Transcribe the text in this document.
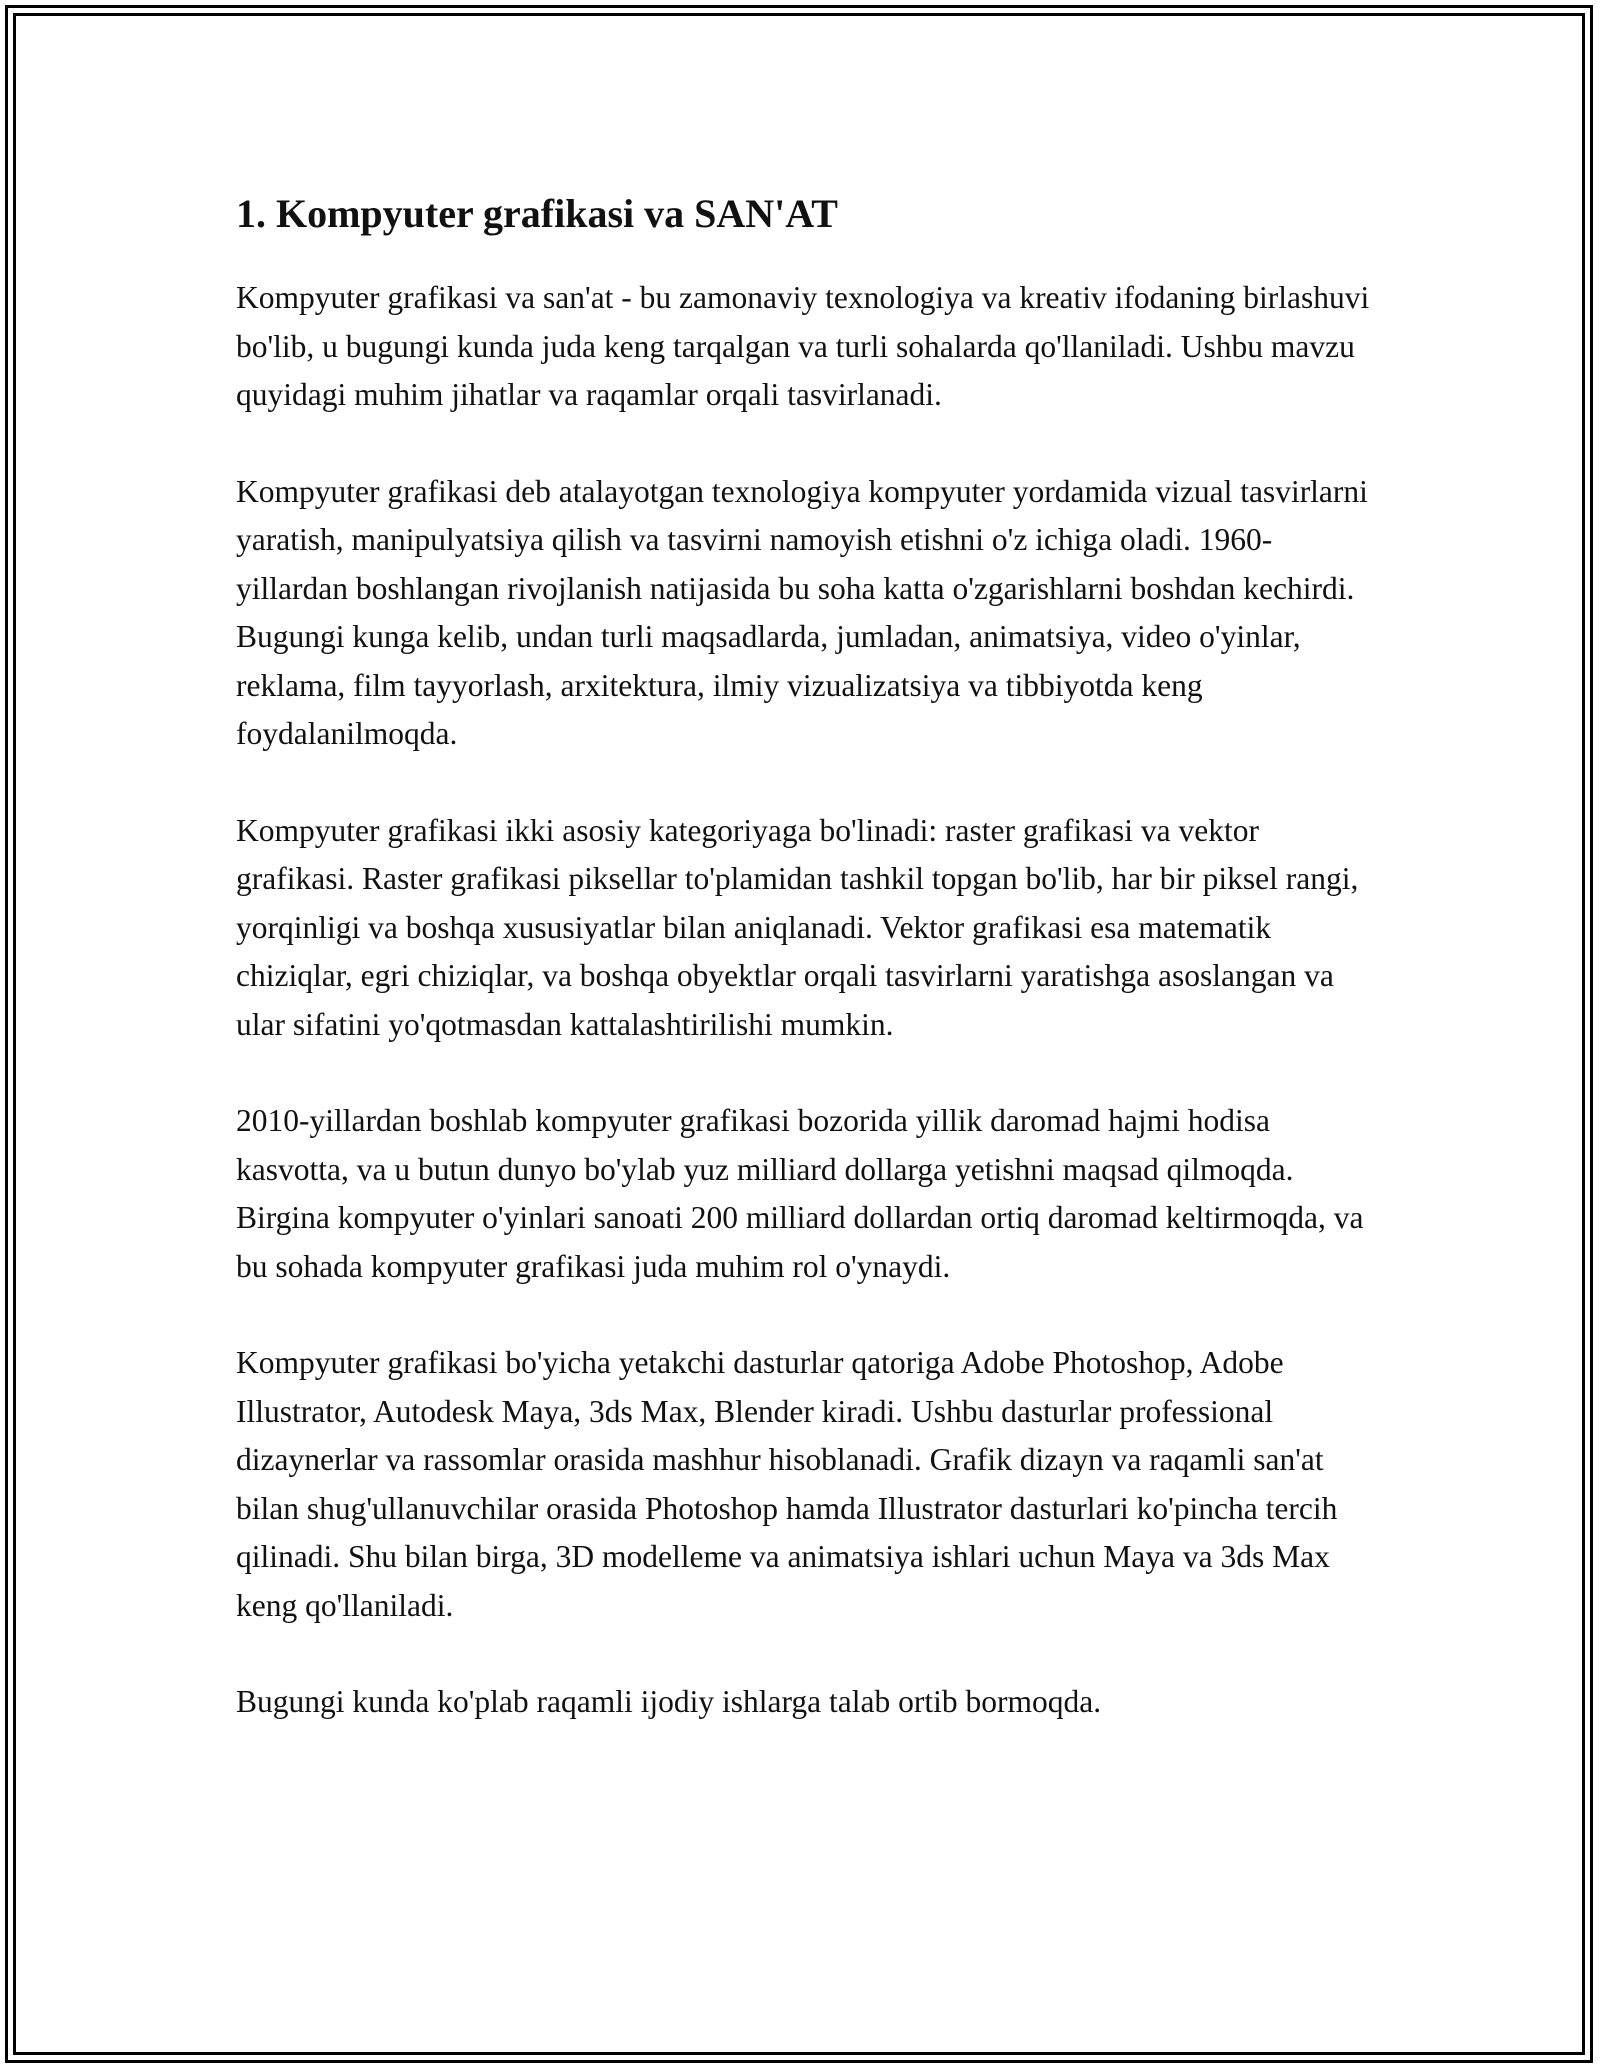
1. Kompyuter grafikasi va SAN'AT

Kompyuter grafikasi va san'at - bu zamonaviy texnologiya va kreativ ifodaning birlashuvi bo'lib, u bugungi kunda juda keng tarqalgan va turli sohalarda qo'llaniladi. Ushbu mavzu quyidagi muhim jihatlar va raqamlar orqali tasvirlanadi.

Kompyuter grafikasi deb atalayotgan texnologiya kompyuter yordamida vizual tasvirlarni yaratish, manipulyatsiya qilish va tasvirni namoyish etishni o'z ichiga oladi. 1960-yillardan boshlangan rivojlanish natijasida bu soha katta o'zgarishlarni boshdan kechirdi. Bugungi kunga kelib, undan turli maqsadlarda, jumladan, animatsiya, video o'yinlar, reklama, film tayyorlash, arxitektura, ilmiy vizualizatsiya va tibbiyotda keng foydalanilmoqda.

Kompyuter grafikasi ikki asosiy kategoriyaga bo'linadi: raster grafikasi va vektor grafikasi. Raster grafikasi piksellar to'plamidan tashkil topgan bo'lib, har bir piksel rangi, yorqinligi va boshqa xususiyatlar bilan aniqlanadi. Vektor grafikasi esa matematik chiziqlar, egri chiziqlar, va boshqa obyektlar orqali tasvirlarni yaratishga asoslangan va ular sifatini yo'qotmasdan kattalashtirilishi mumkin.

2010-yillardan boshlab kompyuter grafikasi bozorida yillik daromad hajmi hodisa kasvotta, va u butun dunyo bo'ylab yuz milliard dollarga yetishni maqsad qilmoqda. Birgina kompyuter o'yinlari sanoati 200 milliard dollardan ortiq daromad keltirmoqda, va bu sohada kompyuter grafikasi juda muhim rol o'ynaydi.

Kompyuter grafikasi bo'yicha yetakchi dasturlar qatoriga Adobe Photoshop, Adobe Illustrator, Autodesk Maya, 3ds Max, Blender kiradi. Ushbu dasturlar professional dizaynerlar va rassomlar orasida mashhur hisoblanadi. Grafik dizayn va raqamli san'at bilan shug'ullanuvchilar orasida Photoshop hamda Illustrator dasturlari ko'pincha tercih qilinadi. Shu bilan birga, 3D modelleme va animatsiya ishlari uchun Maya va 3ds Max keng qo'llaniladi.

Bugungi kunda ko'plab raqamli ijodiy ishlarga talab ortib bormoqda.
